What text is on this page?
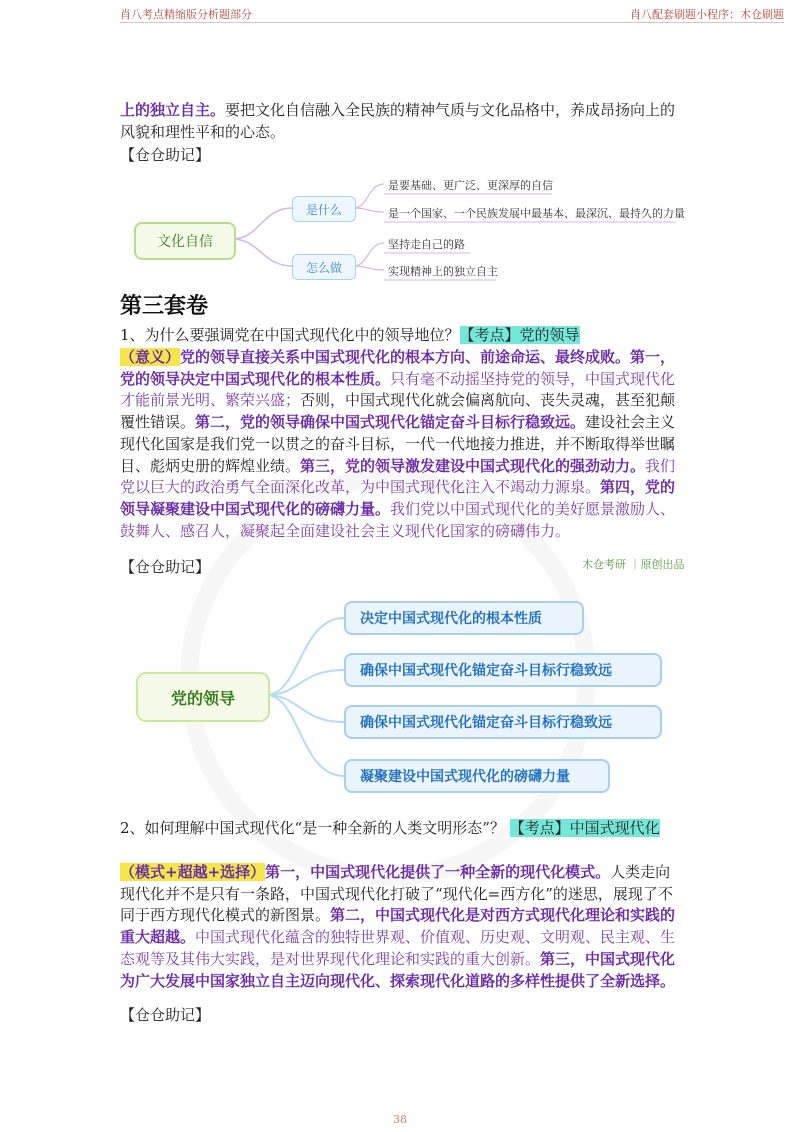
肖八考点精缩版分析题部分	肖八配套刷题小程序：木仓刷题
上的独立自主。要把文化自信融入全民族的精神气质与文化品格中，养成昂扬向上的风貌和理性平和的心态。
【仓仓助记】
文化自信
是什么
怎么做
是要基础、更广泛、更深厚的自信
是一个国家、一个民族发展中最基本、最深沉、最持久的力量
坚持走自己的路
实现精神上的独立自主
第三套卷
1、为什么要强调党在中国式现代化中的领导地位？【考点】党的领导
（意义）党的领导直接关系中国式现代化的根本方向、前途命运、最终成败。第一，党的领导决定中国式现代化的根本性质。只有毫不动摇坚持党的领导，中国式现代化才能前景光明、繁荣兴盛；否则，中国式现代化就会偏离航向、丧失灵魂，甚至犯颠覆性错误。第二，党的领导确保中国式现代化锚定奋斗目标行稳致远。建设社会主义现代化国家是我们党一以贯之的奋斗目标，一代一代地接力推进，并不断取得举世瞩目、彪炳史册的辉煌业绩。第三，党的领导激发建设中国式现代化的强劲动力。我们党以巨大的政治勇气全面深化改革，为中国式现代化注入不竭动力源泉。第四，党的领导凝聚建设中国式现代化的磅礴力量。我们党以中国式现代化的美好愿景激励人、鼓舞人、感召人，凝聚起全面建设社会主义现代化国家的磅礴伟力。
【仓仓助记】	木仓考研 ｜原创出品
党的领导
决定中国式现代化的根本性质
确保中国式现代化锚定奋斗目标行稳致远
确保中国式现代化锚定奋斗目标行稳致远
凝聚建设中国式现代化的磅礴力量
2、如何理解中国式现代化“是一种全新的人类文明形态”？ 【考点】中国式现代化
（模式+超越+选择）第一，中国式现代化提供了一种全新的现代化模式。人类走向现代化并不是只有一条路，中国式现代化打破了“现代化=西方化”的迷思，展现了不同于西方现代化模式的新图景。第二，中国式现代化是对西方式现代化理论和实践的重大超越。中国式现代化蕴含的独特世界观、价值观、历史观、文明观、民主观、生态观等及其伟大实践，是对世界现代化理论和实践的重大创新。第三，中国式现代化为广大发展中国家独立自主迈向现代化、探索现代化道路的多样性提供了全新选择。
【仓仓助记】
38
